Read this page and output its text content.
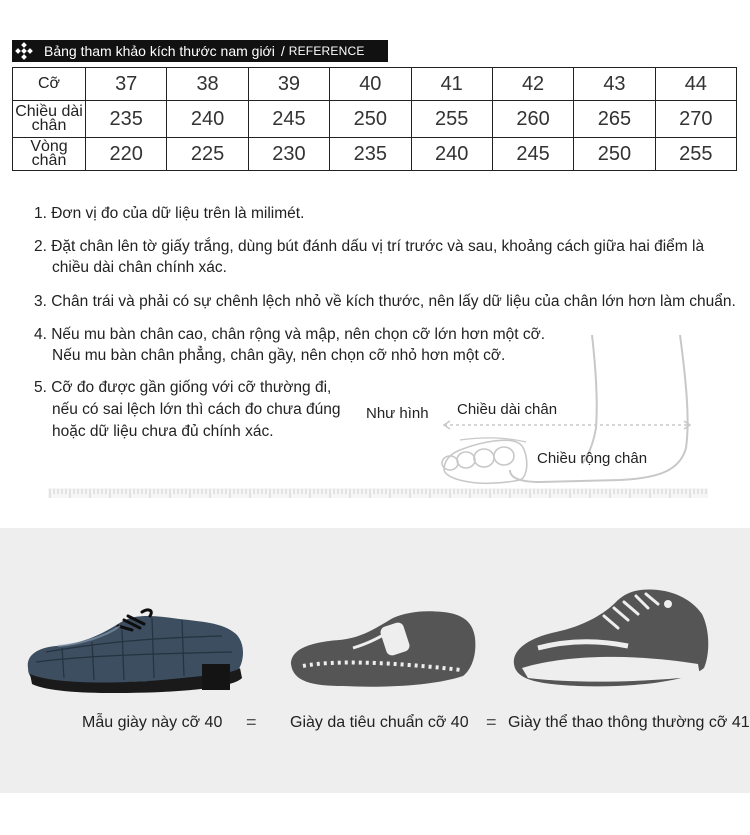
Bảng tham khảo kích thước nam giới / REFERENCE
Cỡ	37	38	39	40	41	42	43	44
Chiều dài chân	235	240	245	250	255	260	265	270
Vòng chân	220	225	230	235	240	245	250	255
1. Đơn vị đo của dữ liệu trên là milimét.
2. Đặt chân lên tờ giấy trắng, dùng bút đánh dấu vị trí trước và sau, khoảng cách giữa hai điểm là
chiều dài chân chính xác.
3. Chân trái và phải có sự chênh lệch nhỏ về kích thước, nên lấy dữ liệu của chân lớn hơn làm chuẩn.
4. Nếu mu bàn chân cao, chân rộng và mập, nên chọn cỡ lớn hơn một cỡ.
Nếu mu bàn chân phẳng, chân gầy, nên chọn cỡ nhỏ hơn một cỡ.
5. Cỡ đo được gần giống với cỡ thường đi,
nếu có sai lệch lớn thì cách đo chưa đúng
hoặc dữ liệu chưa đủ chính xác.
Như hình Chiều dài chân
Chiều rộng chân
Mẫu giày này cỡ 40 = Giày da tiêu chuẩn cỡ 40 = Giày thể thao thông thường cỡ 41
